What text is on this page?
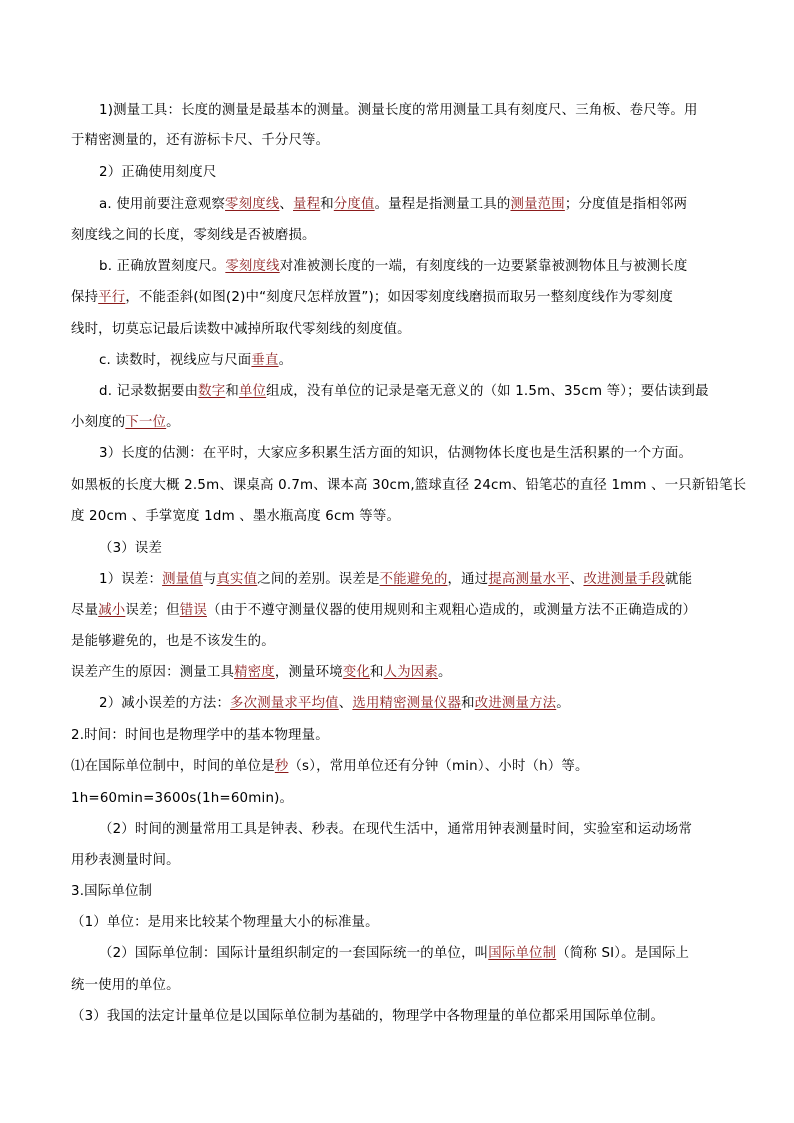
1)测量工具：长度的测量是最基本的测量。测量长度的常用测量工具有刻度尺、三角板、卷尺等。用
于精密测量的，还有游标卡尺、千分尺等。
2）正确使用刻度尺
a. 使用前要注意观察零刻度线、量程和分度值。量程是指测量工具的测量范围；分度值是指相邻两
刻度线之间的长度，零刻线是否被磨损。
b. 正确放置刻度尺。零刻度线对准被测长度的一端，有刻度线的一边要紧靠被测物体且与被测长度
保持平行，不能歪斜(如图(2)中“刻度尺怎样放置”)；如因零刻度线磨损而取另一整刻度线作为零刻度
线时，切莫忘记最后读数中减掉所取代零刻线的刻度值。
c. 读数时，视线应与尺面垂直。
d. 记录数据要由数字和单位组成，没有单位的记录是毫无意义的（如 1.5m、35cm 等）；要估读到最
小刻度的下一位。
3）长度的估测：在平时，大家应多积累生活方面的知识，估测物体长度也是生活积累的一个方面。
如黑板的长度大概 2.5m、课桌高 0.7m、课本高 30cm,篮球直径 24cm、铅笔芯的直径 1mm 、一只新铅笔长
度 20cm 、手掌宽度 1dm 、墨水瓶高度 6cm 等等。
（3）误差
1）误差：测量值与真实值之间的差别。误差是不能避免的，通过提高测量水平、改进测量手段就能
尽量减小误差；但错误（由于不遵守测量仪器的使用规则和主观粗心造成的，或测量方法不正确造成的）
是能够避免的，也是不该发生的。
误差产生的原因：测量工具精密度，测量环境变化和人为因素。
2）减小误差的方法：多次测量求平均值、选用精密测量仪器和改进测量方法。
2.时间：时间也是物理学中的基本物理量。
⑴在国际单位制中，时间的单位是秒（s），常用单位还有分钟（min）、小时（h）等。
1h=60min=3600s(1h=60min)。
（2）时间的测量常用工具是钟表、秒表。在现代生活中，通常用钟表测量时间，实验室和运动场常
用秒表测量时间。
3.国际单位制
（1）单位：是用来比较某个物理量大小的标准量。
（2）国际单位制：国际计量组织制定的一套国际统一的单位，叫国际单位制（简称 SI）。是国际上
统一使用的单位。
（3）我国的法定计量单位是以国际单位制为基础的，物理学中各物理量的单位都采用国际单位制。
